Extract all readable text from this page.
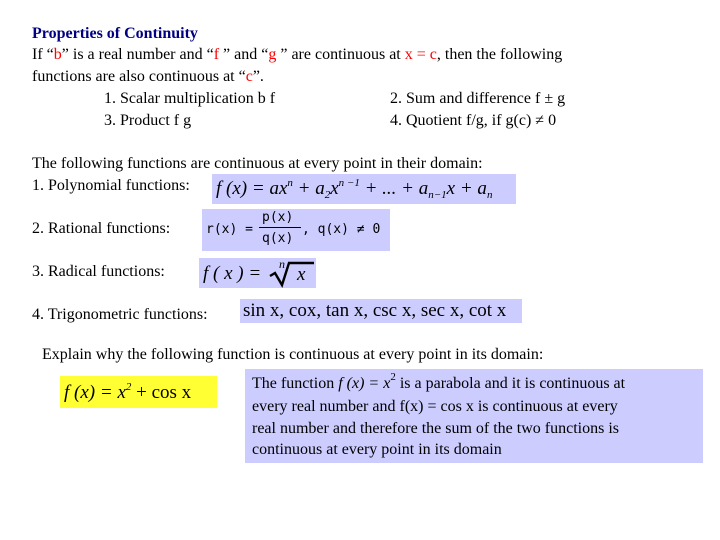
Properties of Continuity
If “b” is a real number and “f ” and “g ” are continuous at x = c, then the following
functions are also continuous at “c”.
1. Scalar multiplication b f	2. Sum and difference f ± g
3. Product f g	4. Quotient f/g, if g(c) ≠ 0
The following functions are continuous at every point in their domain:
1. Polynomial functions: f $(x) = ax^n + a_2x^{n -1}$ + ... + $a_{n-1}x + a_n$
2. Rational functions:	r(x) =
p(x)
q(x)
, q(x) ≠ 0
3. Radical functions: f ( x ) = n x
4. Trigonometric functions: sin x, cox, tan x, csc x, sec x, cot x
Explain why the following function is continuous at every point in its domain:
f $(x) = x^2 + \cos x$	The function f $(x) = x^2$ is a parabola and it is continuous at
every real number and f(x) = cos x is continuous at every
real number and therefore the sum of the two functions is
continuous at every point in its domain
